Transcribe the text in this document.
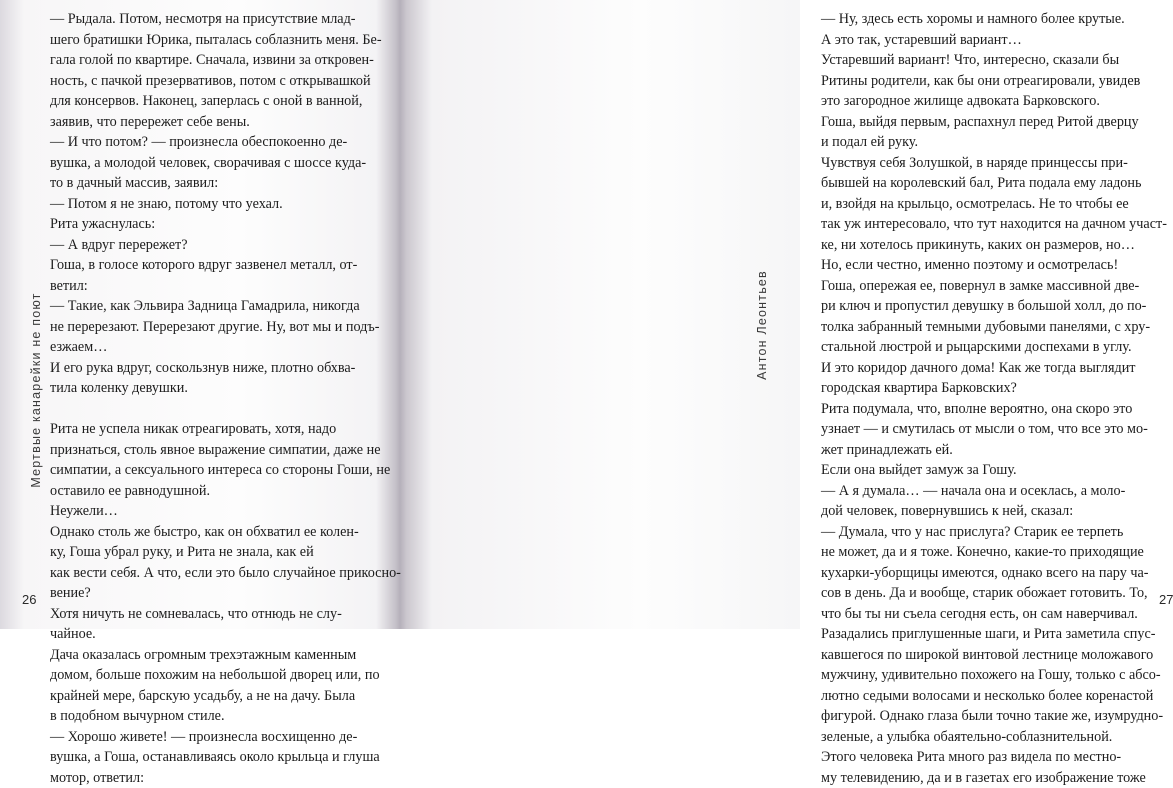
Мертвые канарейки не поют
— Рыдала. Потом, несмотря на присутствие млад-
шего братишки Юрика, пыталась соблазнить меня. Бе-
гала голой по квартире. Сначала, извини за откровен-
ность, с пачкой презервативов, потом с открывашкой
для консервов. Наконец, заперлась с оной в ванной,
заявив, что перережет себе вены.
— И что потом? — произнесла обеспокоенно де-
вушка, а молодой человек, сворачивая с шоссе куда-
то в дачный массив, заявил:
— Потом я не знаю, потому что уехал.
Рита ужаснулась:
— А вдруг перережет?
Гоша, в голосе которого вдруг зазвенел металл, от-
ветил:
— Такие, как Эльвира Задница Гамадрила, никогда
не перерезают. Перерезают другие. Ну, вот мы и подъ-
езжаем…
И его рука вдруг, соскользнув ниже, плотно обхва-
тила коленку девушки.
Рита не успела никак отреагировать, хотя, надо
признаться, столь явное выражение симпатии, даже не
симпатии, а сексуального интереса со стороны Гоши, не
оставило ее равнодушной.
Неужели…
Однако столь же быстро, как он обхватил ее колен-
ку, Гоша убрал руку, и Рита не знала, как ей
как вести себя. А что, если это было случайное прикосно-
вение?
Хотя ничуть не сомневалась, что отнюдь не слу-
чайное.
Дача оказалась огромным трехэтажным каменным
домом, больше похожим на небольшой дворец или, по
крайней мере, барскую усадьбу, а не на дачу. Была
в подобном вычурном стиле.
— Хорошо живете! — произнесла восхищенно де-
вушка, а Гоша, останавливаясь около крыльца и глуша
мотор, ответил:
26
— Ну, здесь есть хоромы и намного более крутые.
А это так, устаревший вариант…
Устаревший вариант! Что, интересно, сказали бы
Ритины родители, как бы они отреагировали, увидев
это загородное жилище адвоката Барковского.
Гоша, выйдя первым, распахнул перед Ритой дверцу
и подал ей руку.
Чувствуя себя Золушкой, в наряде принцессы при-
бывшей на королевский бал, Рита подала ему ладонь
и, взойдя на крыльцо, осмотрелась. Не то чтобы ее
так уж интересовало, что тут находится на дачном участ-
ке, ни хотелось прикинуть, каких он размеров, но…
Но, если честно, именно поэтому и осмотрелась!
Гоша, опережая ее, повернул в замке массивной две-
ри ключ и пропустил девушку в большой холл, до по-
толка забранный темными дубовыми панелями, с хру-
стальной люстрой и рыцарскими доспехами в углу.
И это коридор дачного дома! Как же тогда выглядит
городская квартира Барковских?
Рита подумала, что, вполне вероятно, она скоро это
узнает — и смутилась от мысли о том, что все это мо-
жет принадлежать ей.
Если она выйдет замуж за Гошу.
— А я думала… — начала она и осеклась, а моло-
дой человек, повернувшись к ней, сказал:
— Думала, что у нас прислуга? Старик ее терпеть
не может, да и я тоже. Конечно, какие-то приходящие
кухарки-уборщицы имеются, однако всего на пару ча-
сов в день. Да и вообще, старик обожает готовить. То,
что бы ты ни съела сегодня есть, он сам наверчивал.
Разадались приглушенные шаги, и Рита заметила спус-
кавшегося по широкой винтовой лестнице моложавого
мужчину, удивительно похожего на Гошу, только с абсо-
лютно седыми волосами и несколько более коренастой
фигурой. Однако глаза были точно такие же, изумрудно-
зеленые, а улыбка обаятельно-соблазнительной.
Этого человека Рита много раз видела по местно-
му телевидению, да и в газетах его изображение тоже
27
Антон Леонтьев
